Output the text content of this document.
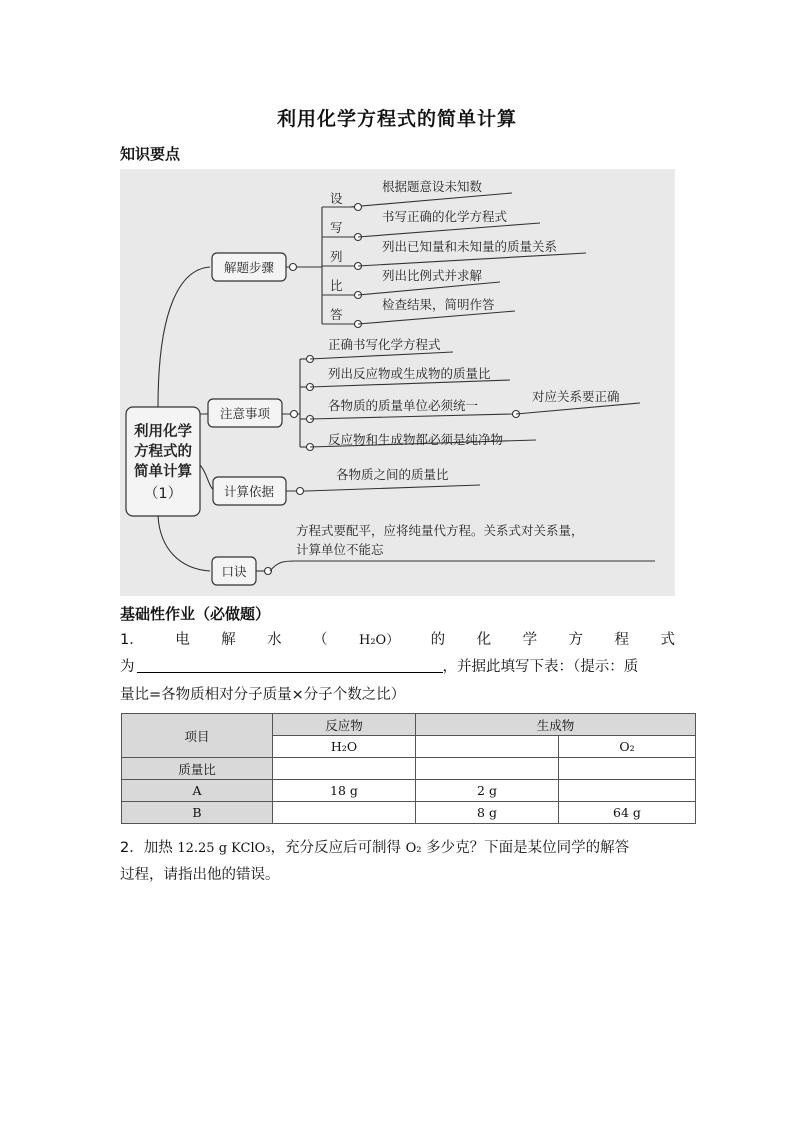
利用化学方程式的简单计算
知识要点
解题步骤
注意事项
计算依据
口诀
利用化学
方程式的
简单计算
（1）
设
写
列
比
答
根据题意设未知数
书写正确的化学方程式
列出已知量和未知量的质量关系
列出比例式并求解
检查结果，简明作答
正确书写化学方程式
列出反应物或生成物的质量比
各物质的质量单位必须统一
反应物和生成物都必须是纯净物
对应关系要正确
各物质之间的质量比
方程式要配平，应将纯量代方程。关系式对关系量，
计算单位不能忘
基础性作业（必做题）
1． 电 解 水 （ H₂O） 的 化 学 方 程 式
为	，并据此填写下表：（提示：质
量比=各物质相对分子质量×分子个数之比）
项目	反应物	生成物	
	H₂O		O₂
质量比			
A	18 g	2 g	
B		8 g	64 g
2．加热 12.25 g KClO₃，充分反应后可制得 O₂ 多少克？下面是某位同学的解答
过程，请指出他的错误。
